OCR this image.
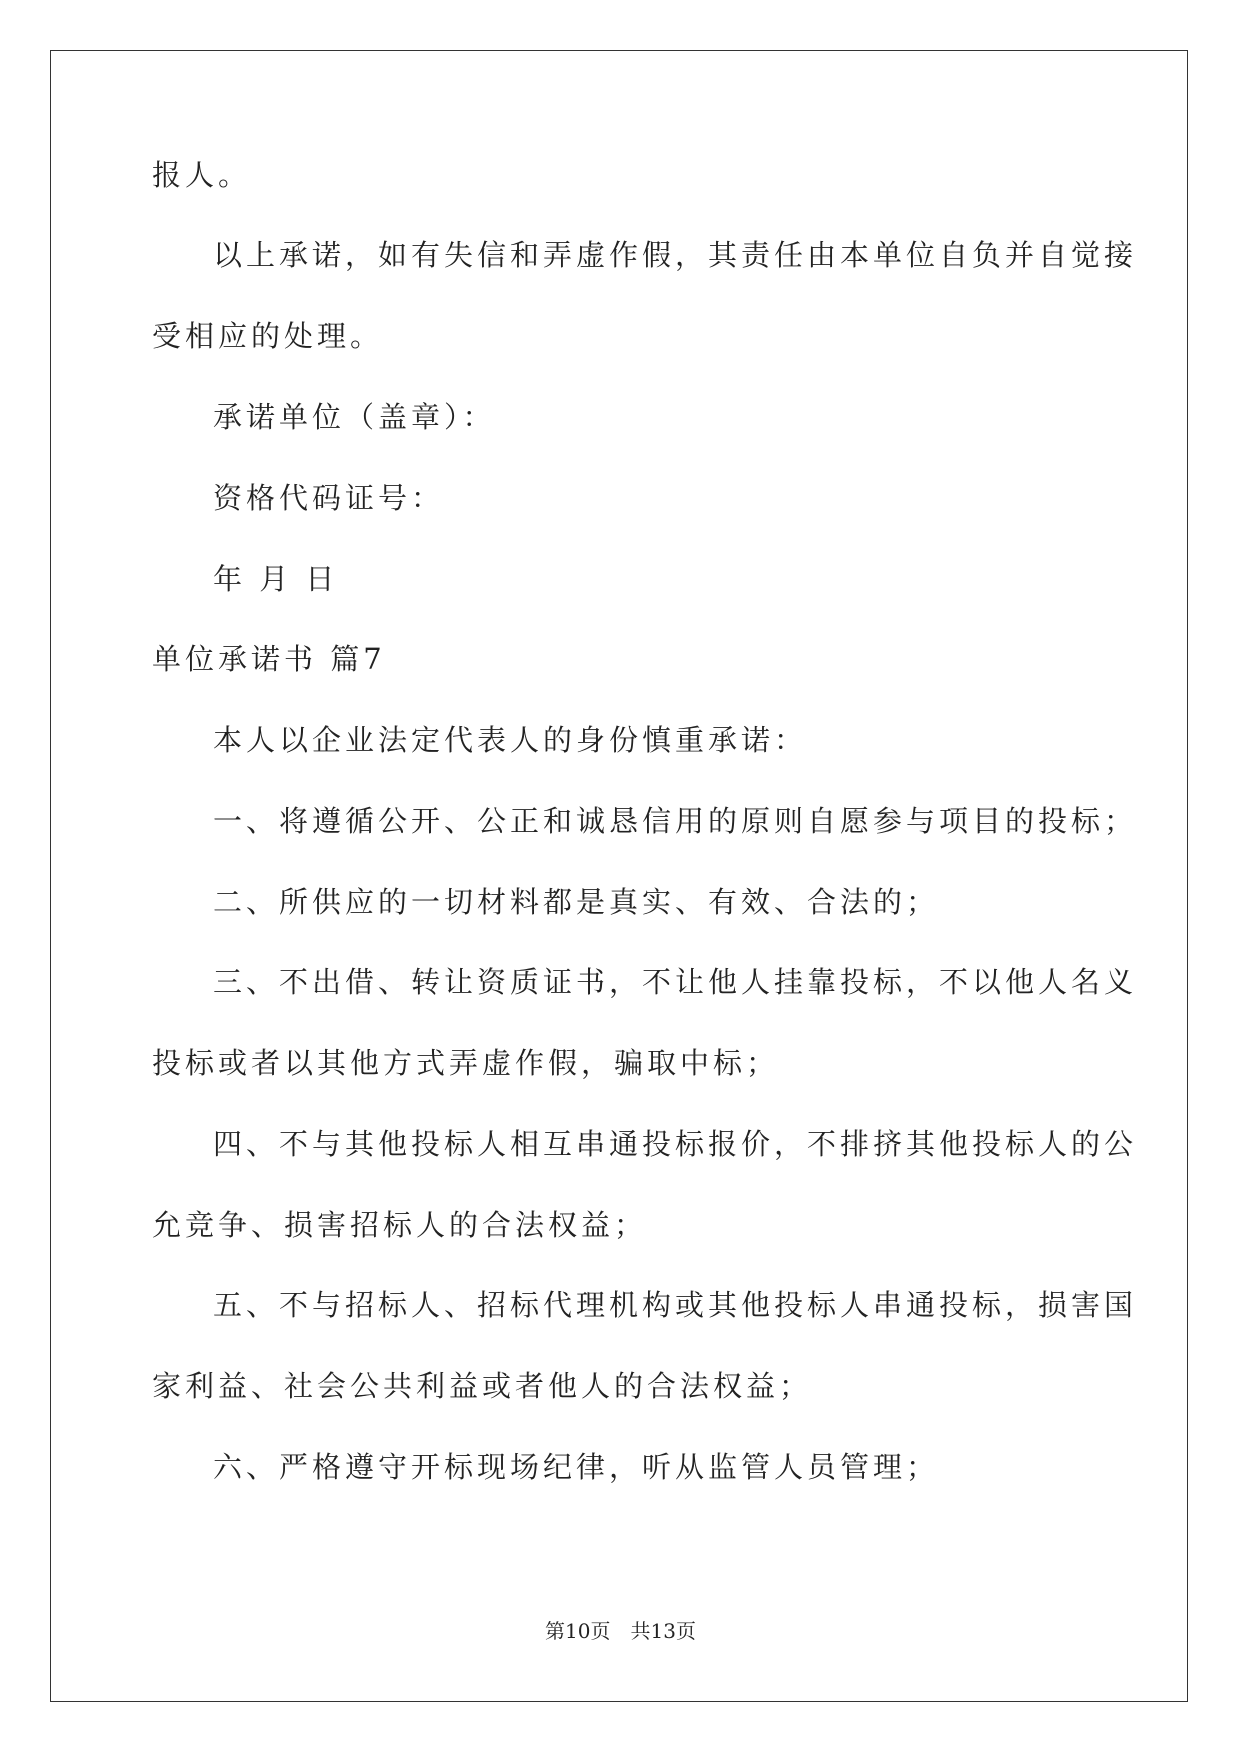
报人。
以上承诺，如有失信和弄虚作假，其责任由本单位自负并自觉接
受相应的处理。
承诺单位（盖章）：
资格代码证号：
年 月 日
单位承诺书 篇7
本人以企业法定代表人的身份慎重承诺：
一、将遵循公开、公正和诚恳信用的原则自愿参与项目的投标；
二、所供应的一切材料都是真实、有效、合法的；
三、不出借、转让资质证书，不让他人挂靠投标，不以他人名义
投标或者以其他方式弄虚作假，骗取中标；
四、不与其他投标人相互串通投标报价，不排挤其他投标人的公
允竞争、损害招标人的合法权益；
五、不与招标人、招标代理机构或其他投标人串通投标，损害国
家利益、社会公共利益或者他人的合法权益；
六、严格遵守开标现场纪律，听从监管人员管理；
第10页　共13页
